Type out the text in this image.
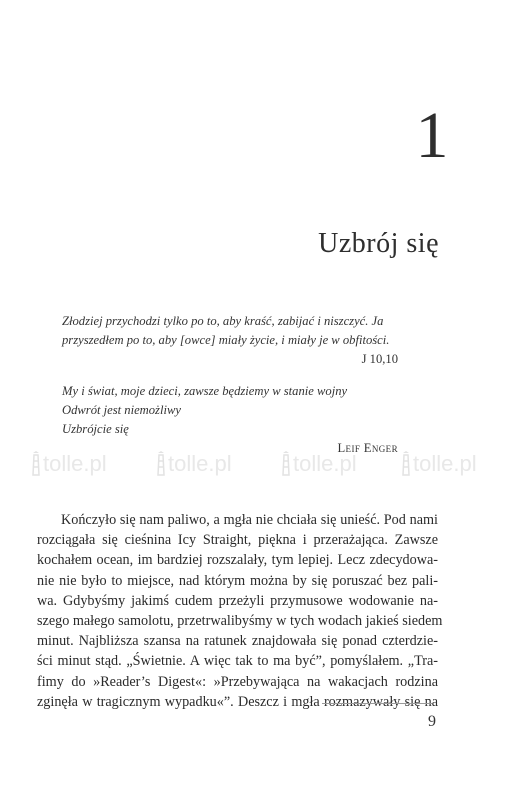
1
Uzbrój się
Złodziej przychodzi tylko po to, aby kraść, zabijać i niszczyć. Ja
przyszedłem po to, aby [owce] miały życie, i miały je w obfitości.
J 10,10
My i świat, moje dzieci, zawsze będziemy w stanie wojny
Odwrót jest niemożliwy
Uzbrójcie się
Leif Enger
tolle.pl	tolle.pl	tolle.pl	tolle.pl
Kończyło się nam paliwo, a mgła nie chciała się unieść. Pod nami
rozciągała się cieśnina Icy Straight, piękna i przerażająca. Zawsze
kochałem ocean, im bardziej rozszalały, tym lepiej. Lecz zdecydowa-
nie nie było to miejsce, nad którym można by się poruszać bez pali-
wa. Gdybyśmy jakimś cudem przeżyli przymusowe wodowanie na-
szego małego samolotu, przetrwalibyśmy w tych wodach jakieś siedem
minut. Najbliższa szansa na ratunek znajdowała się ponad czterdzie-
ści minut stąd. „Świetnie. A więc tak to ma być”, pomyślałem. „Tra-
fimy do »Reader’s Digest«: »Przebywająca na wakacjach rodzina
zginęła w tragicznym wypadku«”. Deszcz i mgła rozmazywały się na
9
